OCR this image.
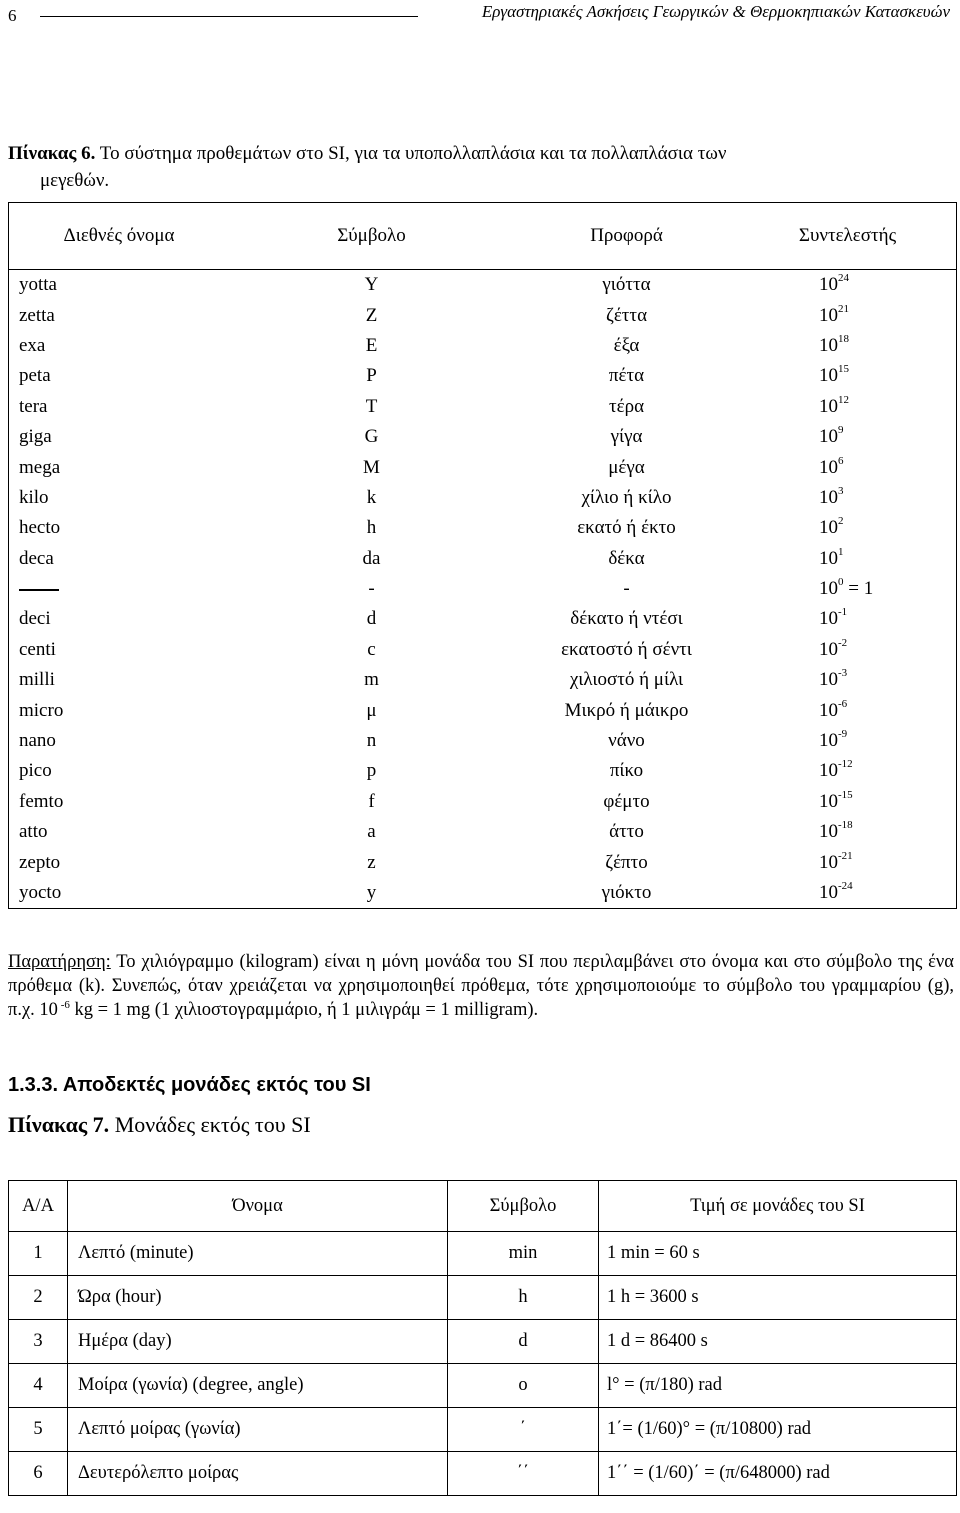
6	Εργαστηριακές Ασκήσεις Γεωργικών & Θερμοκηπιακών Κατασκευών
Πίνακας 6. Το σύστημα προθεμάτων στο SI, για τα υποπολλαπλάσια και τα πολλαπλάσια των
μεγεθών.
Διεθνές όνομα	Σύμβολο	Προφορά	Συντελεστής
yotta	Y	γιόττα	$10^{24}$
zetta	Z	ζέττα	$10^{21}$
exa	E	έξα	$10^{18}$
peta	P	πέτα	$10^{15}$
tera	T	τέρα	$10^{12}$
giga	G	γίγα	$10^9$
mega	M	μέγα	$10^6$
kilo	k	χίλιο ή κίλο	$10^3$
hecto	h	εκατό ή έκτο	$10^2$
deca	da	δέκα	$10^1$
	-	-	$10^0 = 1$
deci	d	δέκατο ή ντέσι	$10^{-1}$
centi	c	εκατοστό ή σέντι	$10^{-2}$
milli	m	χιλιοστό ή μίλι	$10^{-3}$
micro	μ	Μικρό ή μάικρο	$10^{-6}$
nano	n	νάνο	$10^{-9}$
pico	p	πίκο	$10^{-12}$
femto	f	φέμτο	$10^{-15}$
atto	a	άττο	$10^{-18}$
zepto	z	ζέπτο	$10^{-21}$
yocto	y	γιόκτο	$10^{-24}$
Παρατήρηση: Το χιλιόγραμμο (kilogram) είναι η μόνη μονάδα του SI που περιλαμβάνει στο όνομα και στο σύμβολο της ένα πρόθεμα (k). Συνεπώς, όταν χρειάζεται να χρησιμοποιηθεί πρόθεμα, τότε χρησιμοποιούμε το σύμβολο του γραμμαρίου (g), π.χ. 10 $^{-6}$ kg = 1 mg (1 χιλιοστογραμμάριο, ή 1 μιλιγράμ = 1 milligram).
1.3.3. Αποδεκτές μονάδες εκτός του SI
Πίνακας 7. Μονάδες εκτός του SI
Α/Α	Όνομα	Σύμβολο	Τιμή σε μονάδες του SI
1	Λεπτό (minute)	min	1 min = 60 s
2	Ώρα (hour)	h	1 h = 3600 s
3	Ημέρα (day)	d	1 d = 86400 s
4	Μοίρα (γωνία) (degree, angle)	o	l° = (π/180) rad
5	Λεπτό μοίρας (γωνία)	΄	1΄= (1/60)° = (π/10800) rad
6	Δευτερόλεπτο μοίρας	΄΄	1΄΄ = (1/60)΄ = (π/648000) rad
